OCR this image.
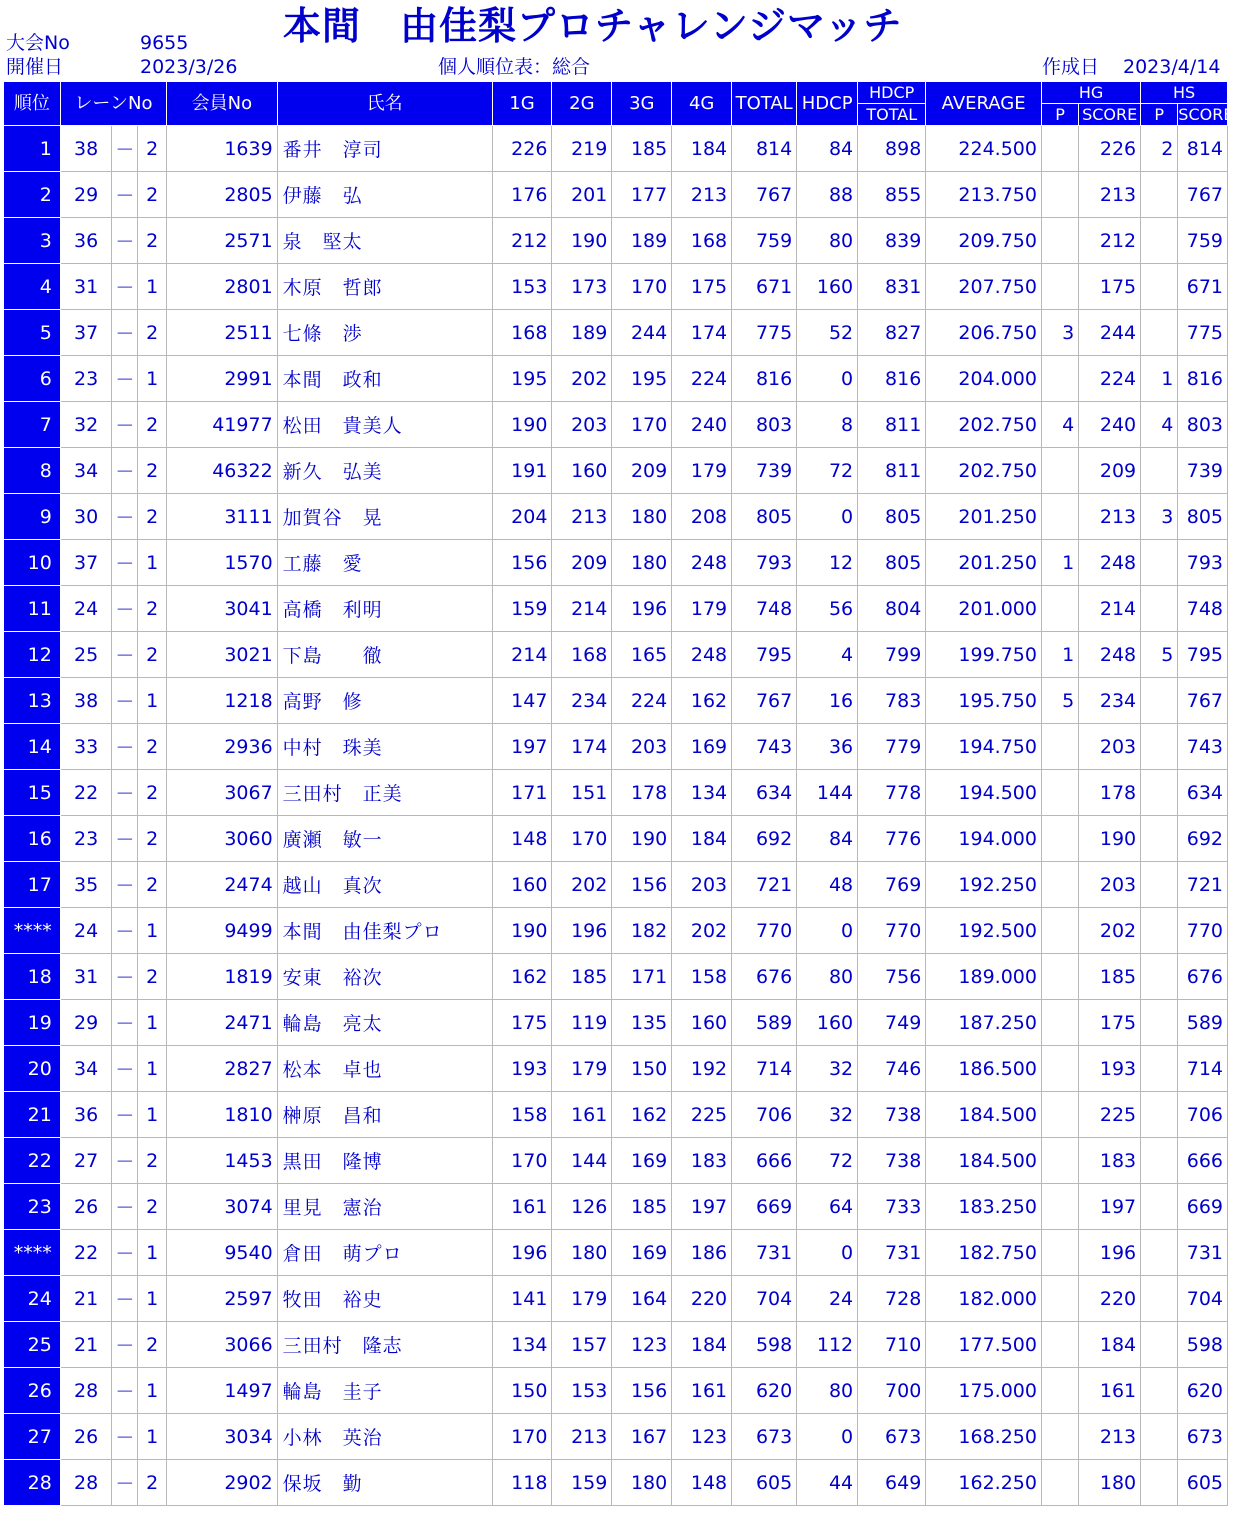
大会No	9655
開催日	2023/3/26
本間　由佳梨プロチャレンジマッチ
個人順位表：総合	作成日 2023/4/14
順位	レーンNo			会員No	氏名	1G	2G	3G	4G	TOTAL	HDCP	HDCP	AVERAGE	HG		HS	
												TOTAL		P	SCORE	P	SCORE
1	38	－	2	1639	番井　淳司	226	219	185	184	814	84	898	224.500		226	2	814
2	29	－	2	2805	伊藤　弘	176	201	177	213	767	88	855	213.750		213		767
3	36	－	2	2571	泉　堅太	212	190	189	168	759	80	839	209.750		212		759
4	31	－	1	2801	木原　哲郎	153	173	170	175	671	160	831	207.750		175		671
5	37	－	2	2511	七條　渉	168	189	244	174	775	52	827	206.750	3	244		775
6	23	－	1	2991	本間　政和	195	202	195	224	816	0	816	204.000		224	1	816
7	32	－	2	41977	松田　貴美人	190	203	170	240	803	8	811	202.750	4	240	4	803
8	34	－	2	46322	新久　弘美	191	160	209	179	739	72	811	202.750		209		739
9	30	－	2	3111	加賀谷　晃	204	213	180	208	805	0	805	201.250		213	3	805
10	37	－	1	1570	工藤　愛	156	209	180	248	793	12	805	201.250	1	248		793
11	24	－	2	3041	高橋　利明	159	214	196	179	748	56	804	201.000		214		748
12	25	－	2	3021	下島　　徹	214	168	165	248	795	4	799	199.750	1	248	5	795
13	38	－	1	1218	高野　修	147	234	224	162	767	16	783	195.750	5	234		767
14	33	－	2	2936	中村　珠美	197	174	203	169	743	36	779	194.750		203		743
15	22	－	2	3067	三田村　正美	171	151	178	134	634	144	778	194.500		178		634
16	23	－	2	3060	廣瀬　敏一	148	170	190	184	692	84	776	194.000		190		692
17	35	－	2	2474	越山　真次	160	202	156	203	721	48	769	192.250		203		721
****	24	－	1	9499	本間　由佳梨プロ	190	196	182	202	770	0	770	192.500		202		770
18	31	－	2	1819	安東　裕次	162	185	171	158	676	80	756	189.000		185		676
19	29	－	1	2471	輪島　亮太	175	119	135	160	589	160	749	187.250		175		589
20	34	－	1	2827	松本　卓也	193	179	150	192	714	32	746	186.500		193		714
21	36	－	1	1810	榊原　昌和	158	161	162	225	706	32	738	184.500		225		706
22	27	－	2	1453	黒田　隆博	170	144	169	183	666	72	738	184.500		183		666
23	26	－	2	3074	里見　憲治	161	126	185	197	669	64	733	183.250		197		669
****	22	－	1	9540	倉田　萌プロ	196	180	169	186	731	0	731	182.750		196		731
24	21	－	1	2597	牧田　裕史	141	179	164	220	704	24	728	182.000		220		704
25	21	－	2	3066	三田村　隆志	134	157	123	184	598	112	710	177.500		184		598
26	28	－	1	1497	輪島　圭子	150	153	156	161	620	80	700	175.000		161		620
27	26	－	1	3034	小林　英治	170	213	167	123	673	0	673	168.250		213		673
28	28	－	2	2902	保坂　勤	118	159	180	148	605	44	649	162.250		180		605
